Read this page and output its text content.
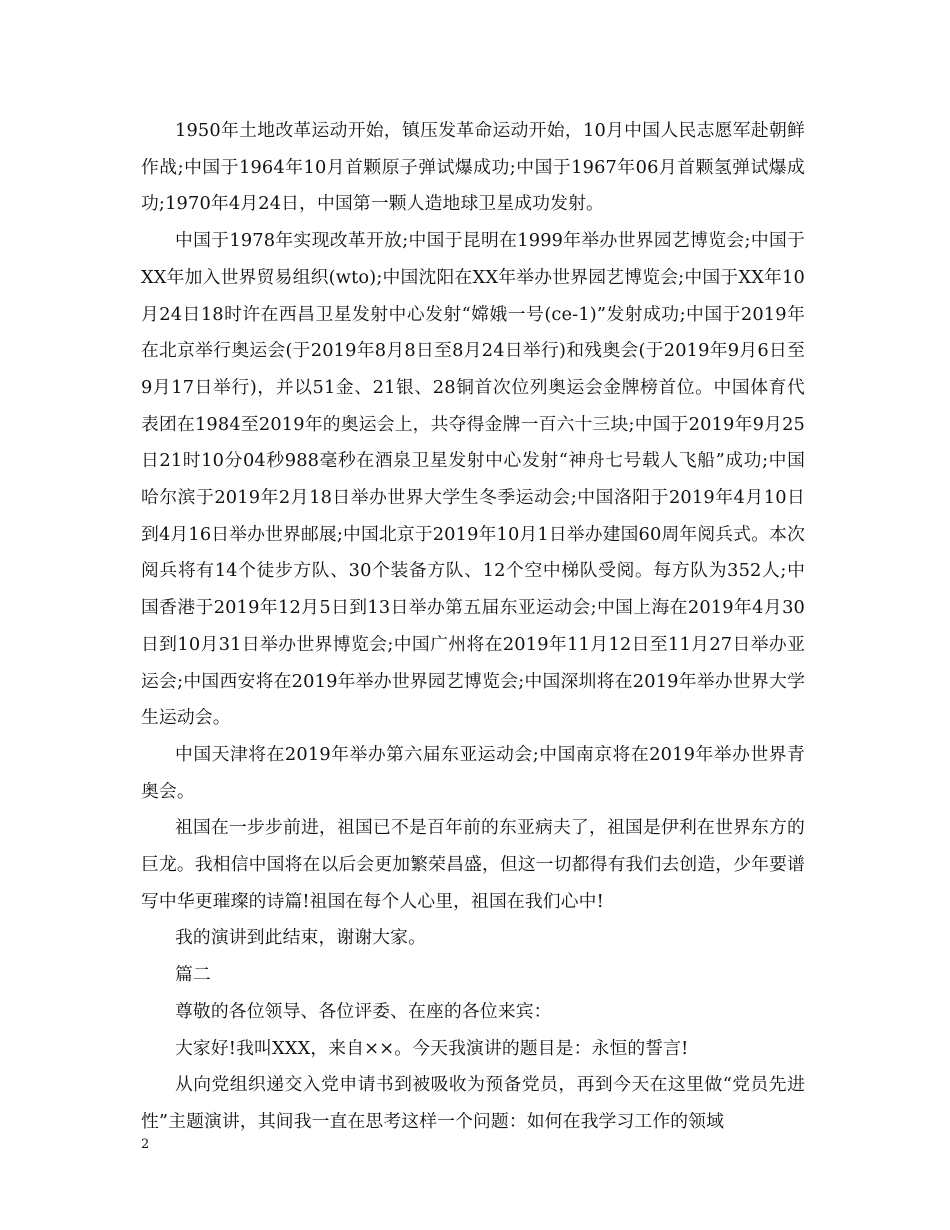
1950年土地改革运动开始，镇压发革命运动开始，10月中国人民志愿军赴朝鲜作战;中国于1964年10月首颗原子弹试爆成功;中国于1967年06月首颗氢弹试爆成功;1970年4月24日，中国第一颗人造地球卫星成功发射。

中国于1978年实现改革开放;中国于昆明在1999年举办世界园艺博览会;中国于XX年加入世界贸易组织(wto);中国沈阳在XX年举办世界园艺博览会;中国于XX年10月24日18时许在西昌卫星发射中心发射“嫦娥一号(ce-1)”发射成功;中国于2019年在北京举行奥运会(于2019年8月8日至8月24日举行)和残奥会(于2019年9月6日至9月17日举行)，并以51金、21银、28铜首次位列奥运会金牌榜首位。中国体育代表团在1984至2019年的奥运会上，共夺得金牌一百六十三块;中国于2019年9月25日21时10分04秒988毫秒在酒泉卫星发射中心发射“神舟七号载人飞船”成功;中国哈尔滨于2019年2月18日举办世界大学生冬季运动会;中国洛阳于2019年4月10日到4月16日举办世界邮展;中国北京于2019年10月1日举办建国60周年阅兵式。本次阅兵将有14个徒步方队、30个装备方队、12个空中梯队受阅。每方队为352人;中国香港于2019年12月5日到13日举办第五届东亚运动会;中国上海在2019年4月30日到10月31日举办世界博览会;中国广州将在2019年11月12日至11月27日举办亚运会;中国西安将在2019年举办世界园艺博览会;中国深圳将在2019年举办世界大学生运动会。

中国天津将在2019年举办第六届东亚运动会;中国南京将在2019年举办世界青奥会。

祖国在一步步前进，祖国已不是百年前的东亚病夫了，祖国是伊利在世界东方的巨龙。我相信中国将在以后会更加繁荣昌盛，但这一切都得有我们去创造，少年要谱写中华更璀璨的诗篇!祖国在每个人心里，祖国在我们心中!

我的演讲到此结束，谢谢大家。

篇二

尊敬的各位领导、各位评委、在座的各位来宾：

大家好!我叫XXX，来自××。今天我演讲的题目是：永恒的誓言!

从向党组织递交入党申请书到被吸收为预备党员，再到今天在这里做“党员先进性”主题演讲，其间我一直在思考这样一个问题：如何在我学习工作的领域

2
